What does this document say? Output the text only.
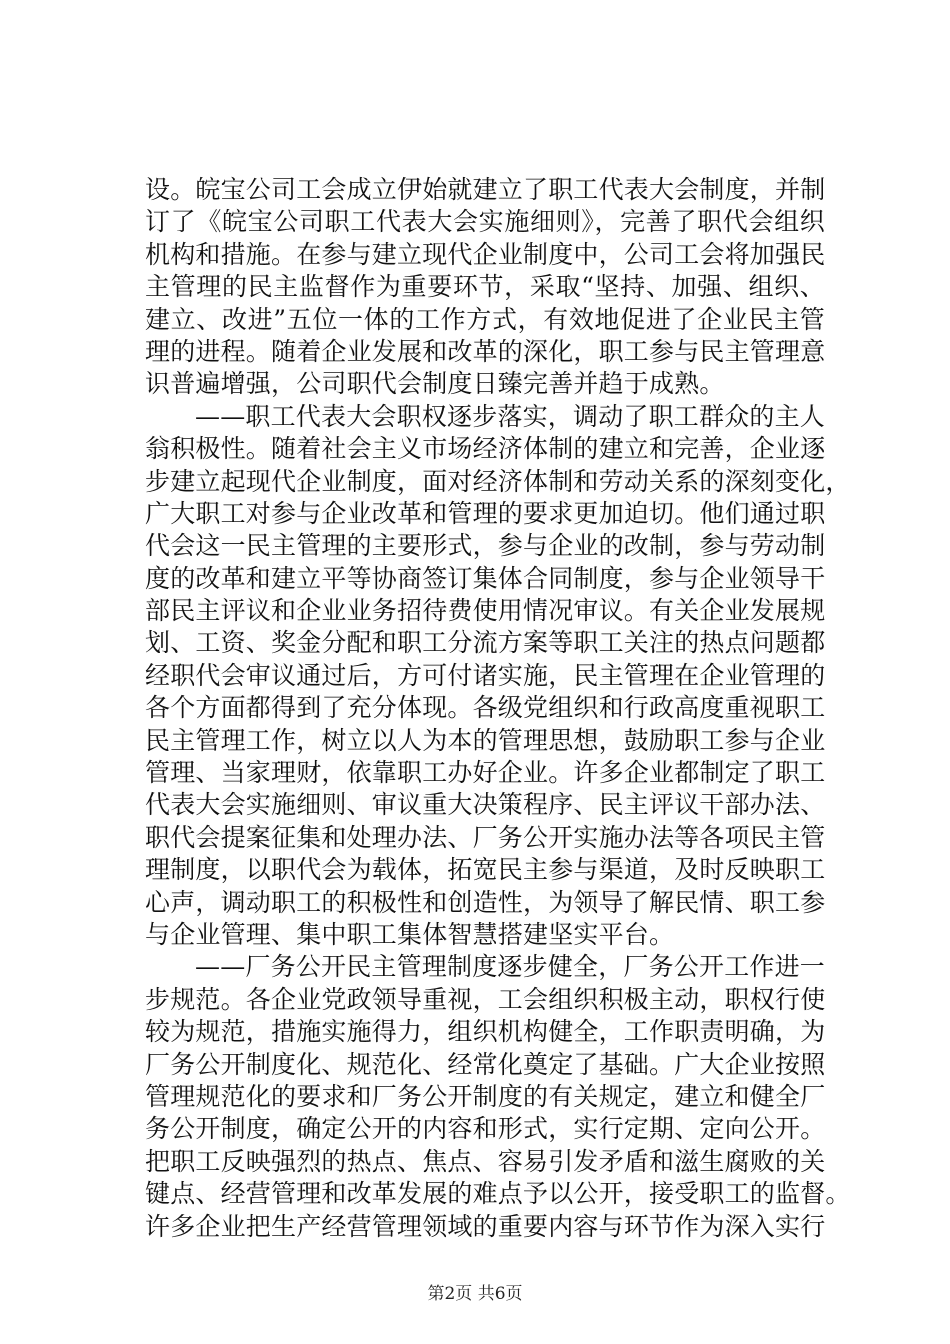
设。皖宝公司工会成立伊始就建立了职工代表大会制度，并制
订了《皖宝公司职工代表大会实施细则》，完善了职代会组织
机构和措施。在参与建立现代企业制度中，公司工会将加强民
主管理的民主监督作为重要环节，采取“坚持、加强、组织、
建立、改进”五位一体的工作方式，有效地促进了企业民主管
理的进程。随着企业发展和改革的深化，职工参与民主管理意
识普遍增强，公司职代会制度日臻完善并趋于成熟。
——职工代表大会职权逐步落实，调动了职工群众的主人
翁积极性。随着社会主义市场经济体制的建立和完善，企业逐
步建立起现代企业制度，面对经济体制和劳动关系的深刻变化，
广大职工对参与企业改革和管理的要求更加迫切。他们通过职
代会这一民主管理的主要形式，参与企业的改制，参与劳动制
度的改革和建立平等协商签订集体合同制度，参与企业领导干
部民主评议和企业业务招待费使用情况审议。有关企业发展规
划、工资、奖金分配和职工分流方案等职工关注的热点问题都
经职代会审议通过后，方可付诸实施，民主管理在企业管理的
各个方面都得到了充分体现。各级党组织和行政高度重视职工
民主管理工作，树立以人为本的管理思想，鼓励职工参与企业
管理、当家理财，依靠职工办好企业。许多企业都制定了职工
代表大会实施细则、审议重大决策程序、民主评议干部办法、
职代会提案征集和处理办法、厂务公开实施办法等各项民主管
理制度，以职代会为载体，拓宽民主参与渠道，及时反映职工
心声，调动职工的积极性和创造性，为领导了解民情、职工参
与企业管理、集中职工集体智慧搭建坚实平台。
——厂务公开民主管理制度逐步健全，厂务公开工作进一
步规范。各企业党政领导重视，工会组织积极主动，职权行使
较为规范，措施实施得力，组织机构健全，工作职责明确，为
厂务公开制度化、规范化、经常化奠定了基础。广大企业按照
管理规范化的要求和厂务公开制度的有关规定，建立和健全厂
务公开制度，确定公开的内容和形式，实行定期、定向公开。
把职工反映强烈的热点、焦点、容易引发矛盾和滋生腐败的关
键点、经营管理和改革发展的难点予以公开，接受职工的监督。
许多企业把生产经营管理领域的重要内容与环节作为深入实行
第2页 共6页
